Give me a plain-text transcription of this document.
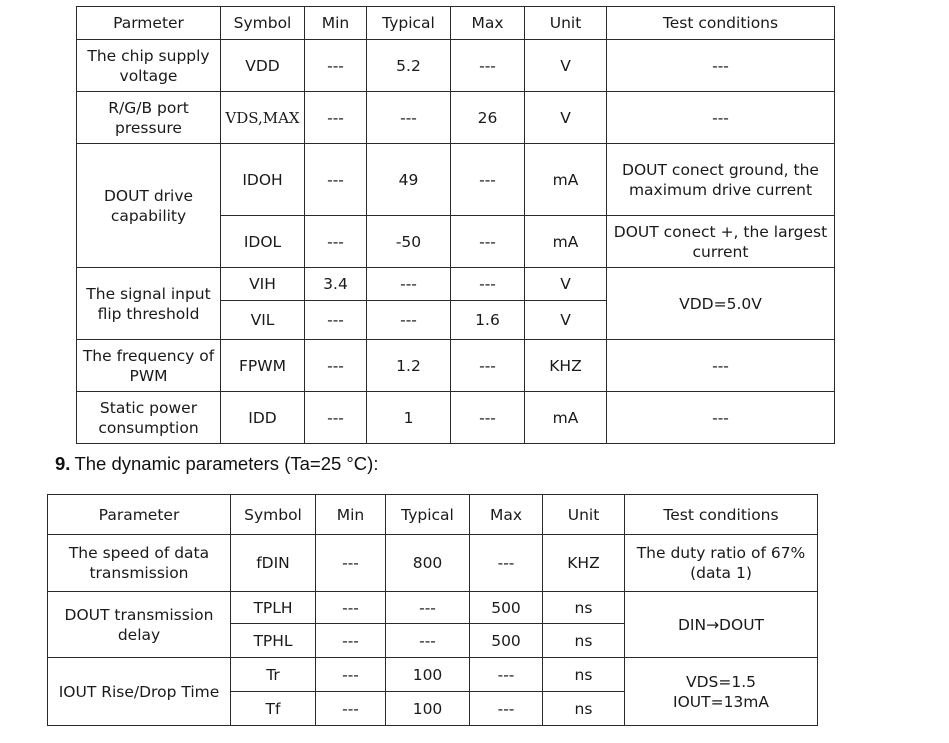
Parmeter	Symbol	Min	Typical	Max	Unit	Test conditions
The chip supply voltage	VDD	---	5.2	---	V	---
R/G/B port pressure	VDS,MAX	---	---	26	V	---
DOUT drive capability	IDOH	---	49	---	mA	DOUT conect ground, the maximum drive current
	IDOL	---	-50	---	mA	DOUT conect +, the largest current
The signal input flip threshold	VIH	3.4	---	---	V	VDD=5.0V
	VIL	---	---	1.6	V	
The frequency of PWM	FPWM	---	1.2	---	KHZ	---
Static power consumption	IDD	---	1	---	mA	---
9. The dynamic parameters (Ta=25 °C):
Parameter	Symbol	Min	Typical	Max	Unit	Test conditions
The speed of data transmission	fDIN	---	800	---	KHZ	The duty ratio of 67% (data 1)
DOUT transmission delay	TPLH	---	---	500	ns	DIN→DOUT
	TPHL	---	---	500	ns	
IOUT Rise/Drop Time	Tr	---	100	---	ns	VDS=1.5
IOUT=13mA

	Tf	---	100	---	ns	
